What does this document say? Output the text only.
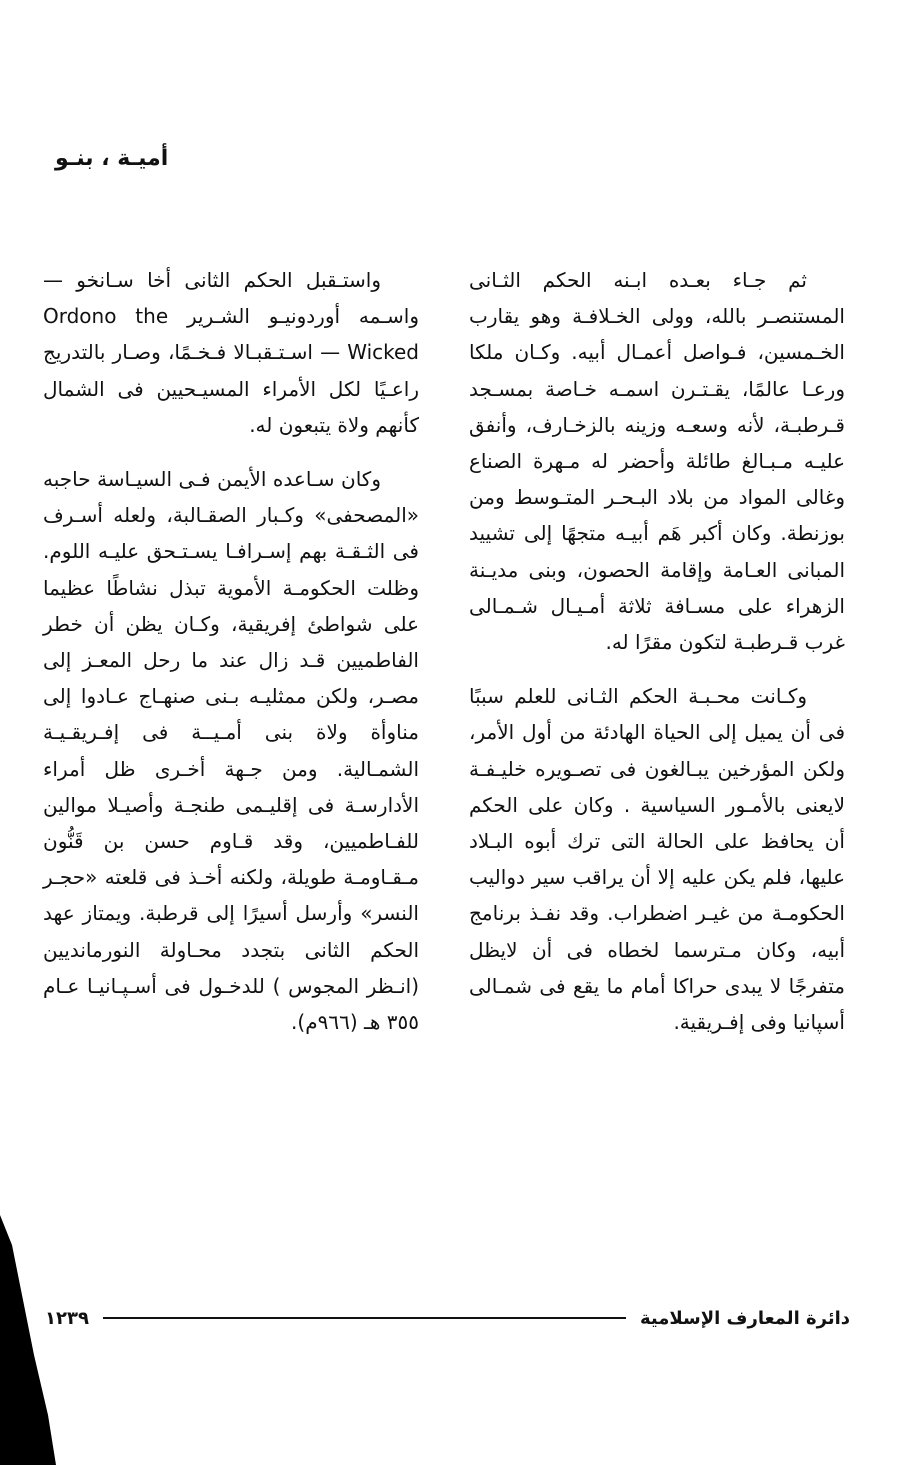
أميـة ، بنـو

ثم جـاء بعـده ابـنه الحكم الثـانى المستنصـر بالله، وولى الخـلافـة وهو يقارب الخـمسين، فـواصل أعمـال أبيه. وكـان ملكا ورعـا عالمًا، يقـتـرن اسمـه خـاصة بمسـجد قـرطبـة، لأنه وسعـه وزينه بالزخـارف، وأنفق عليـه مـبـالغ طائلة وأحضر له مـهرة الصناع وغالى المواد من بلاد البـحـر المتـوسط ومن بوزنطة. وكان أكبر هَم أبيـه متجهًا إلى تشييد المبانى العـامة وإقامة الحصون، وبنى مديـنة الزهراء على مسـافة ثلاثة أمـيـال شـمـالى غرب قـرطبـة لتكون مقرًا له.

وكـانت محـبـة الحكم الثـانى للعلم سببًا فى أن يميل إلى الحياة الهادئة من أول الأمر، ولكن المؤرخين يبـالغون فى تصـويره خليـفـة لايعنى بالأمـور السياسية . وكان على الحكم أن يحافظ على الحالة التى ترك أبوه البـلاد عليها، فلم يكن عليه إلا أن يراقب سير دواليب الحكومـة من غيـر اضطراب. وقد نفـذ برنامج أبيه، وكان مـترسما لخطاه فى أن لايظل متفرجًا لا يبدى حراكا أمام ما يقع فى شمـالى أسپانيا وفى إفـريقية.

واستـقبل الحكم الثانى أخا سـانخو — واسـمه أوردونيـو الشـرير Ordono the Wicked — اسـتـقبـالا فـخـمًا، وصـار بالتدريج راعـيًا لكل الأمراء المسيـحيين فى الشمال كأنهم ولاة يتبعون له.

وكان سـاعده الأيمن فـى السيـاسة حاجبه «المصحفى» وكـبار الصقـالبة، ولعله أسـرف فى الثـقـة بهم إسـرافـا يسـتـحق عليـه اللوم. وظلت الحكومـة الأموية تبذل نشاطًا عظيما على شواطئ إفريقية، وكـان يظن أن خطر الفاطميين قـد زال عند ما رحل المعـز إلى مصـر، ولكن ممثليـه بـنى صنهـاج عـادوا إلى مناوأة ولاة بنى أمـيــة فى إفـريقـيـة الشمـالية. ومن جـهة أخـرى ظل أمراء الأدارسـة فى إقليـمى طنجـة وأصيـلا موالين للفـاطميين، وقد قـاوم حسن بن قَنُّون مـقـاومـة طويلة، ولكنه أخـذ فى قلعته «حجـر النسر» وأرسل أسيرًا إلى قرطبة. ويمتاز عهد الحكم الثانى بتجدد محـاولة النورمانديين (انـظر المجوس ) للدخـول فى أسـپـانيـا عـام ٣٥٥ هـ (٩٦٦م).

دائرة المعارف الإسلامية
١٢٣٩
